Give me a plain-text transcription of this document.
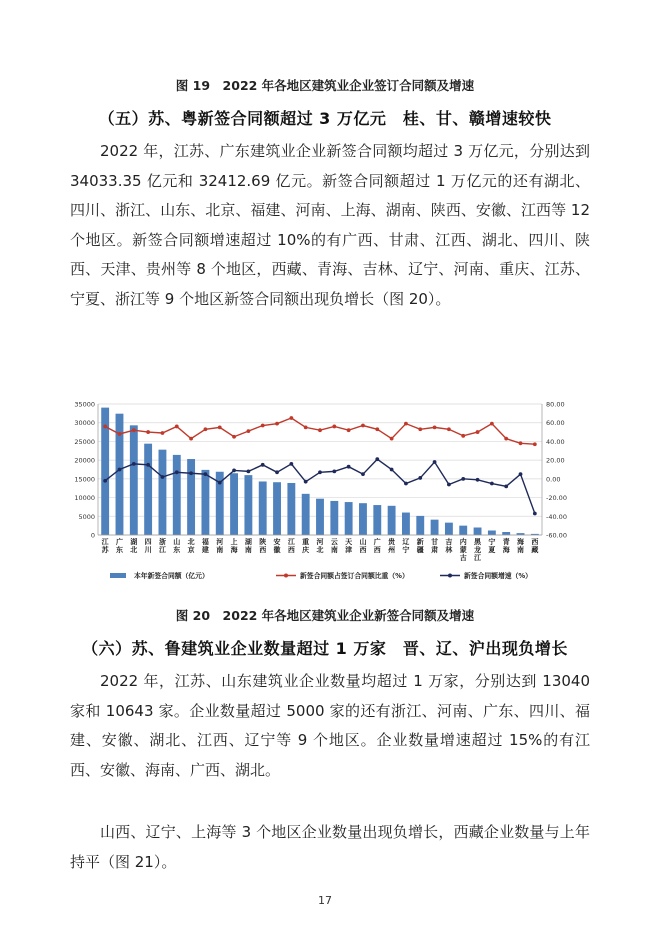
图 19　2022 年各地区建筑业企业签订合同额及增速
（五）苏、粤新签合同额超过 3 万亿元　桂、甘、赣增速较快

2022 年，江苏、广东建筑业企业新签合同额均超过 3 万亿元，分别达到 34033.35 亿元和 32412.69 亿元。新签合同额超过 1 万亿元的还有湖北、四川、浙江、山东、北京、福建、河南、上海、湖南、陕西、安徽、江西等 12 个地区。新签合同额增速超过 10%的有广西、甘肃、江西、湖北、四川、陕西、天津、贵州等 8 个地区，西藏、青海、吉林、辽宁、河南、重庆、江苏、宁夏、浙江等 9 个地区新签合同额出现负增长（图 20）。

0
5000
10000
15000
20000
25000
30000
35000
-60.00
-40.00
-20.00
0.00
20.00
40.00
60.00
80.00
江苏
广东
湖北
四川
浙江
山东
北京
福建
河南
上海
湖南
陕西
安徽
江西
重庆
河北
云南
天津
山西
广西
贵州
辽宁
新疆
甘肃
吉林
内蒙古
黑龙江
宁夏
青海
海南
西藏
本年新签合同额（亿元）	新签合同额占签订合同额比重（%）	新签合同额增速（%）
图 20　2022 年各地区建筑业企业新签合同额及增速
（六）苏、鲁建筑业企业数量超过 1 万家　晋、辽、沪出现负增长

2022 年，江苏、山东建筑业企业数量均超过 1 万家，分别达到 13040 家和 10643 家。企业数量超过 5000 家的还有浙江、河南、广东、四川、福建、安徽、湖北、江西、辽宁等 9 个地区。企业数量增速超过 15%的有江西、安徽、海南、广西、湖北。

山西、辽宁、上海等 3 个地区企业数量出现负增长，西藏企业数量与上年持平（图 21）。

17
